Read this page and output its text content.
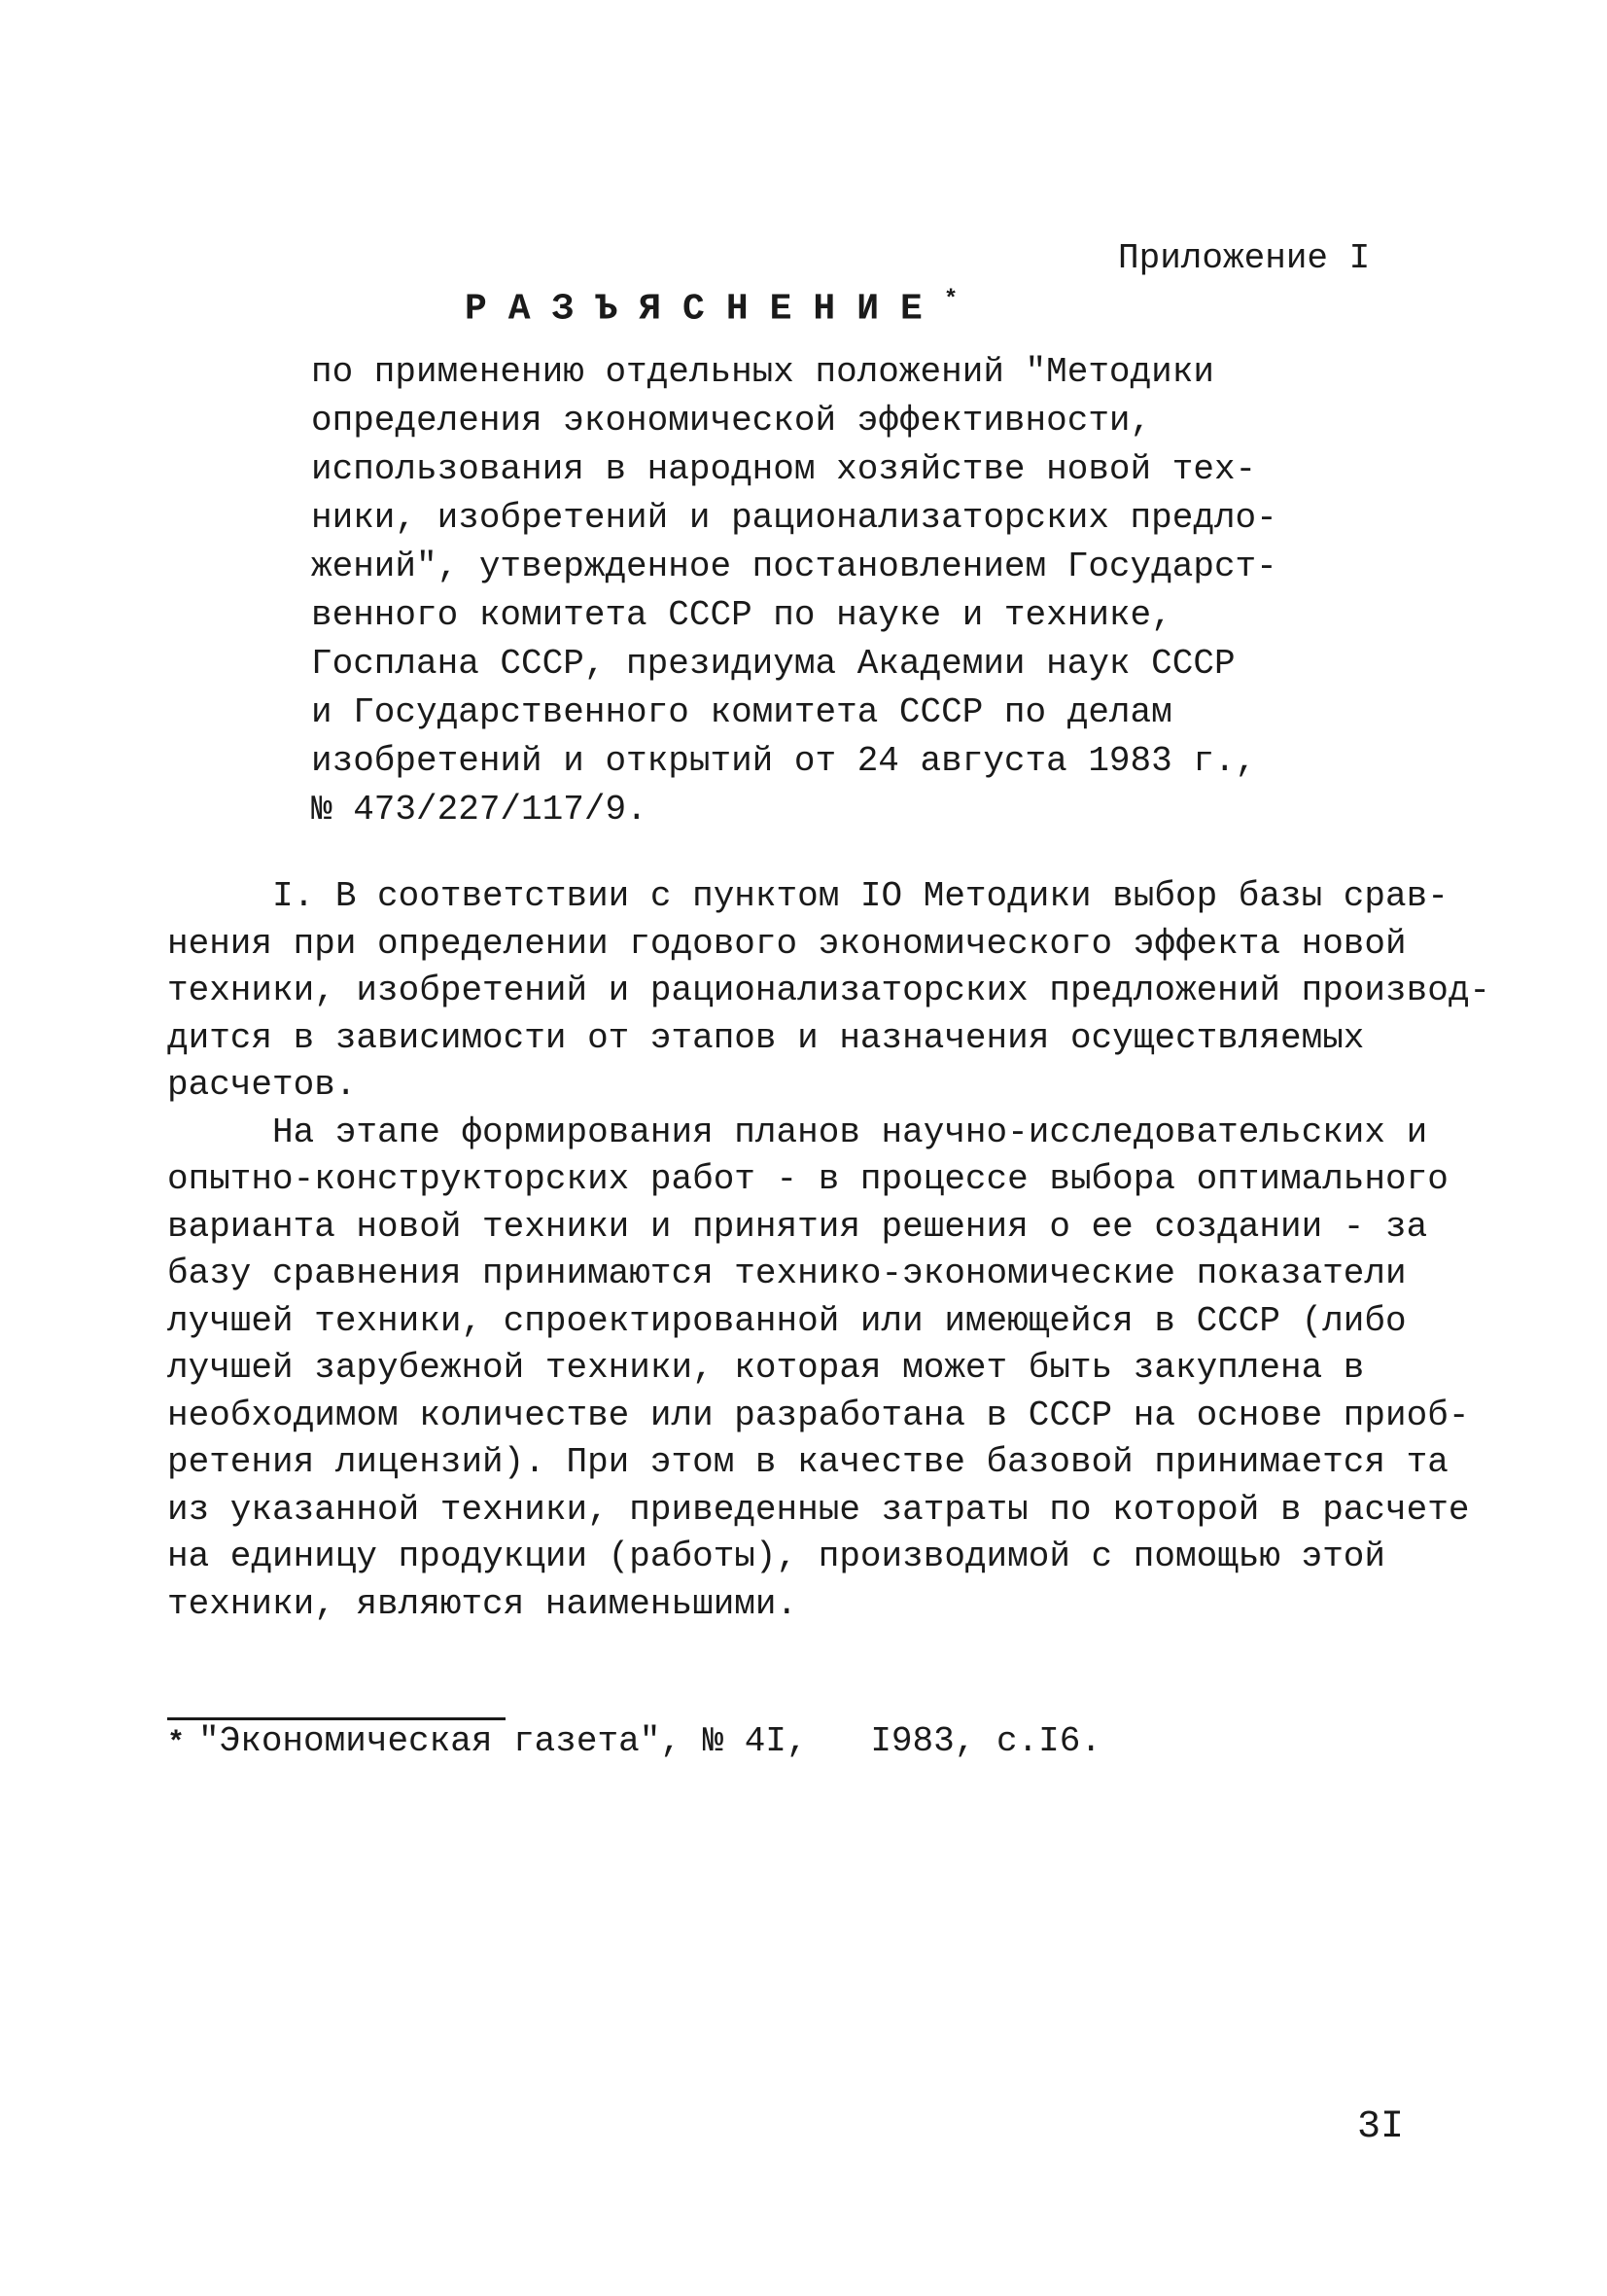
Приложение I
РАЗЪЯСНЕНИЕ*
по применению отдельных положений "Методики
определения экономической эффективности,
использования в народном хозяйстве новой тех-
ники, изобретений и рационализаторских предло-
жений", утвержденное постановлением Государст-
венного комитета СССР по науке и технике,
Госплана СССР, президиума Академии наук СССР
и Государственного комитета СССР по делам
изобретений и открытий от 24 августа 1983 г.,
№ 473/227/117/9.
I. В соответствии с пунктом IO Методики выбор базы срав-
нения при определении годового экономического эффекта новой
техники, изобретений и рационализаторских предложений производ-
дится в зависимости от этапов и назначения осуществляемых
расчетов.
На этапе формирования планов научно-исследовательских и
опытно-конструкторских работ - в процессе выбора оптимального
варианта новой техники и принятия решения о ее создании - за
базу сравнения принимаются технико-экономические показатели
лучшей техники, спроектированной или имеющейся в СССР (либо
лучшей зарубежной техники, которая может быть закуплена в
необходимом количестве или разработана в СССР на основе приоб-
ретения лицензий). При этом в качестве базовой принимается та
из указанной техники, приведенные затраты по которой в расчете
на единицу продукции (работы), производимой с помощью этой
техники, являются наименьшими.
* "Экономическая газета", № 4I,   I983, с.I6.
3I
